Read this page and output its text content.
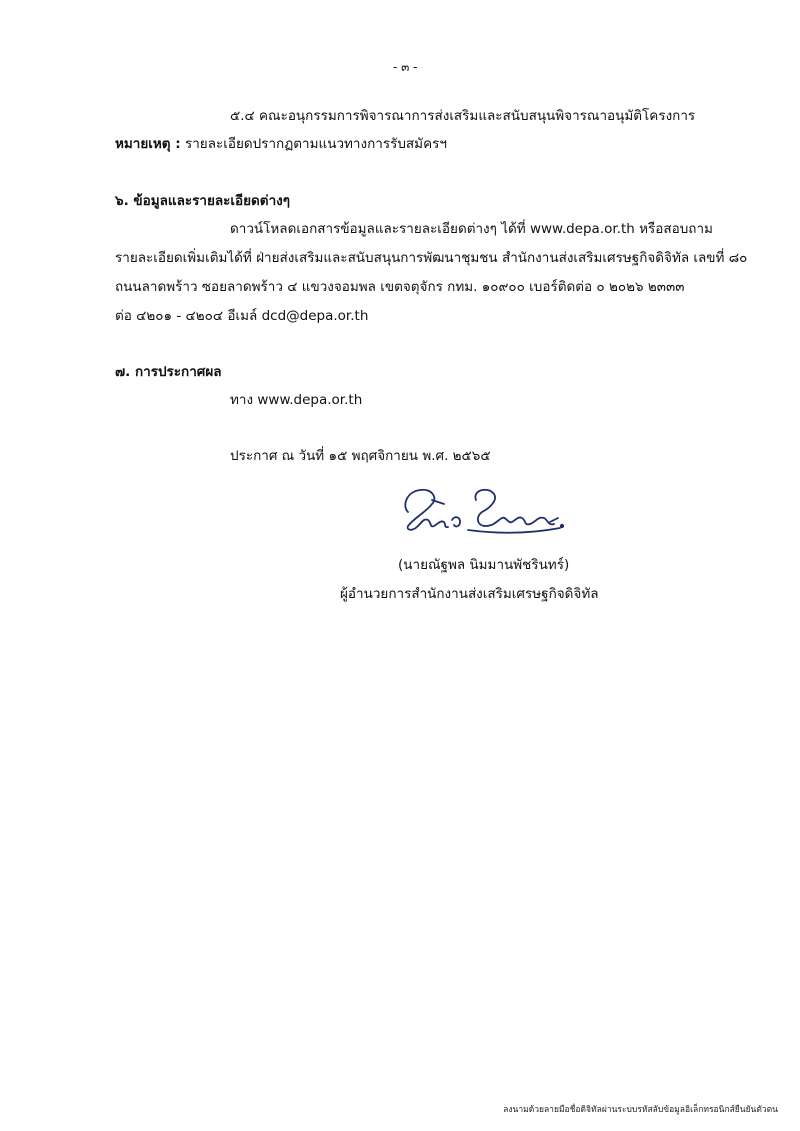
- ๓ -
๕.๔ คณะอนุกรรมการพิจารณาการส่งเสริมและสนับสนุนพิจารณาอนุมัติโครงการ
หมายเหตุ : รายละเอียดปรากฏตามแนวทางการรับสมัครฯ
๖. ข้อมูลและรายละเอียดต่างๆ
ดาวน์โหลดเอกสารข้อมูลและรายละเอียดต่างๆ ได้ที่ www.depa.or.th หรือสอบถาม
รายละเอียดเพิ่มเติมได้ที่ ฝ่ายส่งเสริมและสนับสนุนการพัฒนาชุมชน สำนักงานส่งเสริมเศรษฐกิจดิจิทัล เลขที่ ๘๐
ถนนลาดพร้าว ซอยลาดพร้าว ๔ แขวงจอมพล เขตจตุจักร กทม. ๑๐๙๐๐ เบอร์ติดต่อ ๐ ๒๐๒๖ ๒๓๓๓
ต่อ ๔๒๐๑ - ๔๒๐๔ อีเมล์ dcd@depa.or.th
๗. การประกาศผล
ทาง www.depa.or.th
ประกาศ ณ วันที่ ๑๕ พฤศจิกายน พ.ศ. ๒๕๖๕
(นายณัฐพล นิมมานพัชรินทร์)
ผู้อำนวยการสำนักงานส่งเสริมเศรษฐกิจดิจิทัล
ลงนามด้วยลายมือชื่อดิจิทัลผ่านระบบรหัสลับข้อมูลอิเล็กทรอนิกส์ยืนยันตัวตน
